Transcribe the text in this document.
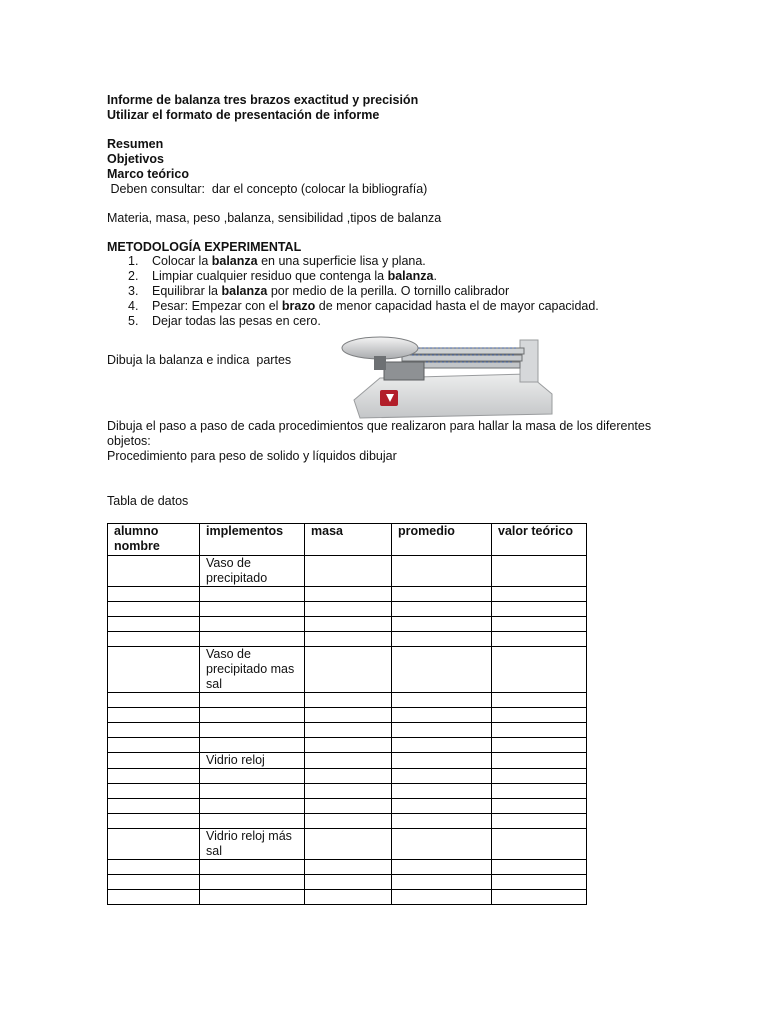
Informe de balanza tres brazos exactitud y precisión
Utilizar el formato de presentación de informe
Resumen
Objetivos
Marco teórico
Deben consultar:  dar el concepto (colocar la bibliografía)
Materia, masa, peso ,balanza, sensibilidad ,tipos de balanza
METODOLOGÍA EXPERIMENTAL
1. Colocar la balanza en una superficie lisa y plana.
2. Limpiar cualquier residuo que contenga la balanza.
3. Equilibrar la balanza por medio de la perilla. O tornillo calibrador
4. Pesar: Empezar con el brazo de menor capacidad hasta el de mayor capacidad.
5. Dejar todas las pesas en cero.
Dibuja la balanza e indica  partes
Dibuja el paso a paso de cada procedimientos que realizaron para hallar la masa de los diferentes objetos:
Procedimiento para peso de solido y líquidos dibujar
Tabla de datos
alumno nombre	implementos	masa	promedio	valor teórico
	Vaso de precipitado			

	Vaso de precipitado mas sal			

	Vidrio reloj			

	Vidrio reloj más sal			
